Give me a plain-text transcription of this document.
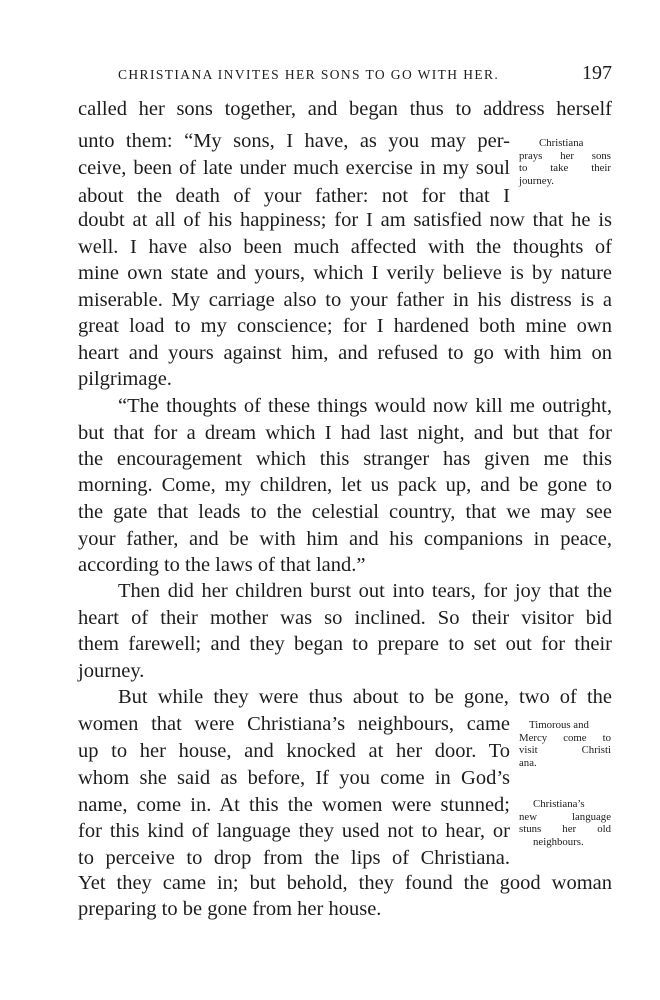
CHRISTIANA INVITES HER SONS TO GO WITH HER.	197
called her sons together, and began thus to address herself
unto them: “My sons, I have, as you may per-
ceive, been of late under much exercise in my soul
about the death of your father: not for that I
doubt at all of his happiness; for I am satisfied now that he is
well. I have also been much affected with the thoughts of
mine own state and yours, which I verily believe is by nature
miserable. My carriage also to your father in his distress is a
great load to my conscience; for I hardened both mine own
heart and yours against him, and refused to go with him on
pilgrimage.
“The thoughts of these things would now kill me outright,
but that for a dream which I had last night, and but that for
the encouragement which this stranger has given me this
morning. Come, my children, let us pack up, and be gone to
the gate that leads to the celestial country, that we may see
your father, and be with him and his companions in peace,
according to the laws of that land.”
Then did her children burst out into tears, for joy that the
heart of their mother was so inclined. So their visitor bid
them farewell; and they began to prepare to set out for their
journey.
But while they were thus about to be gone, two of the
women that were Christiana’s neighbours, came
up to her house, and knocked at her door. To
whom she said as before, If you come in God’s
name, come in. At this the women were stunned;
for this kind of language they used not to hear, or
to perceive to drop from the lips of Christiana.
Yet they came in; but behold, they found the good woman
preparing to be gone from her house.
Christiana
prays her sons
to take their
journey.
Timorous and
Mercy come to
visit Christi
ana.
Christiana’s
new language
stuns her old
neighbours.
